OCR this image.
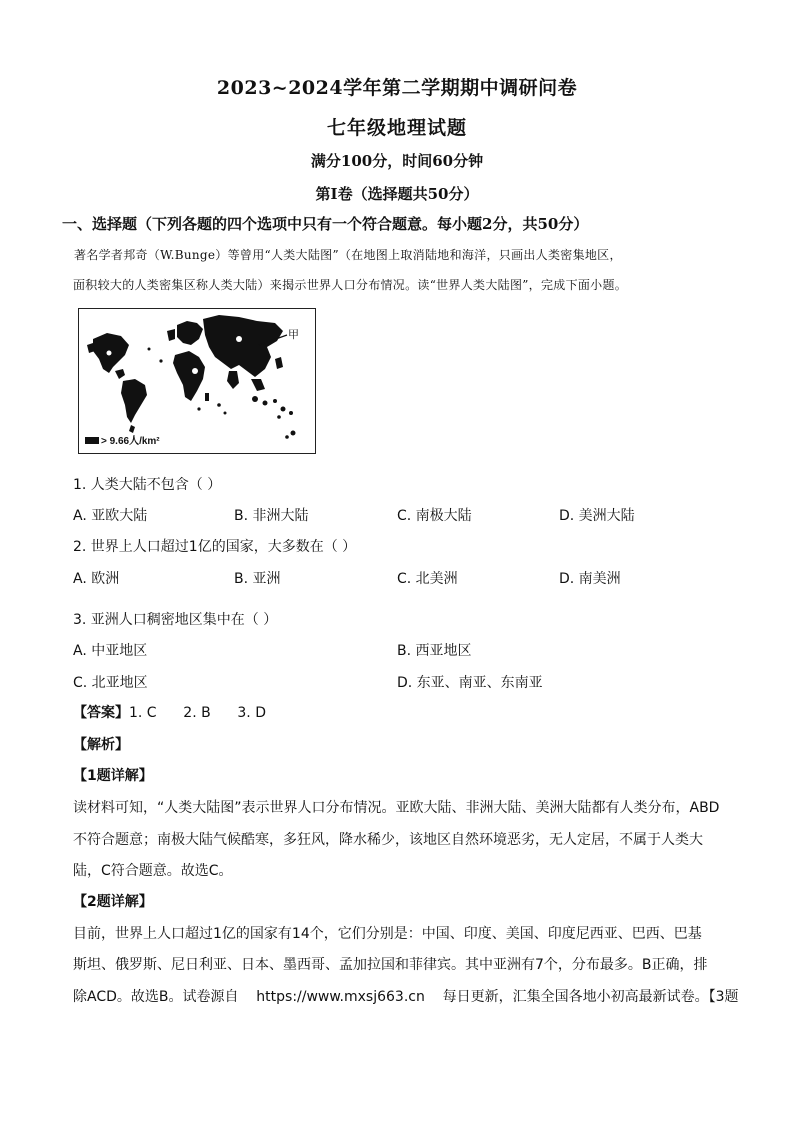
2023~2024学年第二学期期中调研问卷
七年级地理试题
满分100分，时间60分钟
第Ⅰ卷（选择题共50分）
一、选择题（下列各题的四个选项中只有一个符合题意。每小题2分，共50分）
著名学者邦奇（W.Bunge）等曾用“人类大陆图”（在地图上取消陆地和海洋，只画出人类密集地区，
面积较大的人类密集区称人类大陆）来揭示世界人口分布情况。读“世界人类大陆图”，完成下面小题。
甲
> 9.66人/km²
1. 人类大陆不包含（ ）
A. 亚欧大陆	B. 非洲大陆	C. 南极大陆	D. 美洲大陆
2. 世界上人口超过1亿的国家，大多数在（ ）
A. 欧洲	B. 亚洲	C. 北美洲	D. 南美洲
3. 亚洲人口稠密地区集中在（ ）
A. 中亚地区	B. 西亚地区
C. 北亚地区	D. 东亚、南亚、东南亚
【答案】1. C      2. B      3. D
【解析】
【1题详解】
读材料可知，“人类大陆图”表示世界人口分布情况。亚欧大陆、非洲大陆、美洲大陆都有人类分布，ABD
不符合题意；南极大陆气候酷寒，多狂风，降水稀少，该地区自然环境恶劣，无人定居，不属于人类大
陆，C符合题意。故选C。
【2题详解】
目前，世界上人口超过1亿的国家有14个，它们分别是：中国、印度、美国、印度尼西亚、巴西、巴基
斯坦、俄罗斯、尼日利亚、日本、墨西哥、孟加拉国和菲律宾。其中亚洲有7个，分布最多。B正确，排
除ACD。故选B。试卷源自    https://www.mxsj663.cn    每日更新，汇集全国各地小初高最新试卷。【3题
